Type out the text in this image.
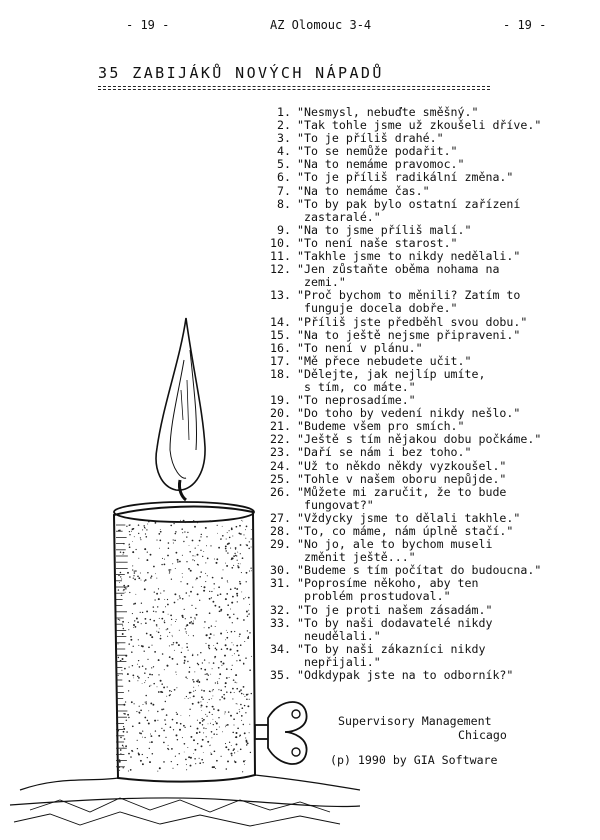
- 19 -	AZ Olomouc 3-4	- 19 -
35 ZABIJÁKŮ NOVÝCH NÁPADŮ
1. "Nesmysl, nebuďte směšný."
2. "Tak tohle jsme už zkoušeli dříve."
3. "To je příliš drahé."
4. "To se nemůže podařit."
5. "Na to nemáme pravomoc."
6. "To je příliš radikální změna."
7. "Na to nemáme čas."
8. "To by pak bylo ostatní zařízení
zastaralé."
9. "Na to jsme příliš malí."
10. "To není naše starost."
11. "Takhle jsme to nikdy nedělali."
12. "Jen zůstaňte oběma nohama na
zemi."
13. "Proč bychom to měnili? Zatím to
funguje docela dobře."
14. "Příliš jste předběhl svou dobu."
15. "Na to ještě nejsme připraveni."
16. "To není v plánu."
17. "Mě přece nebudete učit."
18. "Dělejte, jak nejlíp umíte,
s tím, co máte."
19. "To neprosadíme."
20. "Do toho by vedení nikdy nešlo."
21. "Budeme všem pro smích."
22. "Ještě s tím nějakou dobu počkáme."
23. "Daří se nám i bez toho."
24. "Už to někdo někdy vyzkoušel."
25. "Tohle v našem oboru nepůjde."
26. "Můžete mi zaručit, že to bude
fungovat?"
27. "Vždycky jsme to dělali takhle."
28. "To, co máme, nám úplně stačí."
29. "No jo, ale to bychom museli
změnit ještě..."
30. "Budeme s tím počítat do budoucna."
31. "Poprosíme někoho, aby ten
problém prostudoval."
32. "To je proti našem zásadám."
33. "To by naši dodavatelé nikdy
neudělali."
34. "To by naši zákazníci nikdy
nepřijali."
35. "Odkdypak jste na to odborník?"
Supervisory Management
Chicago
(p) 1990 by GIA Software
